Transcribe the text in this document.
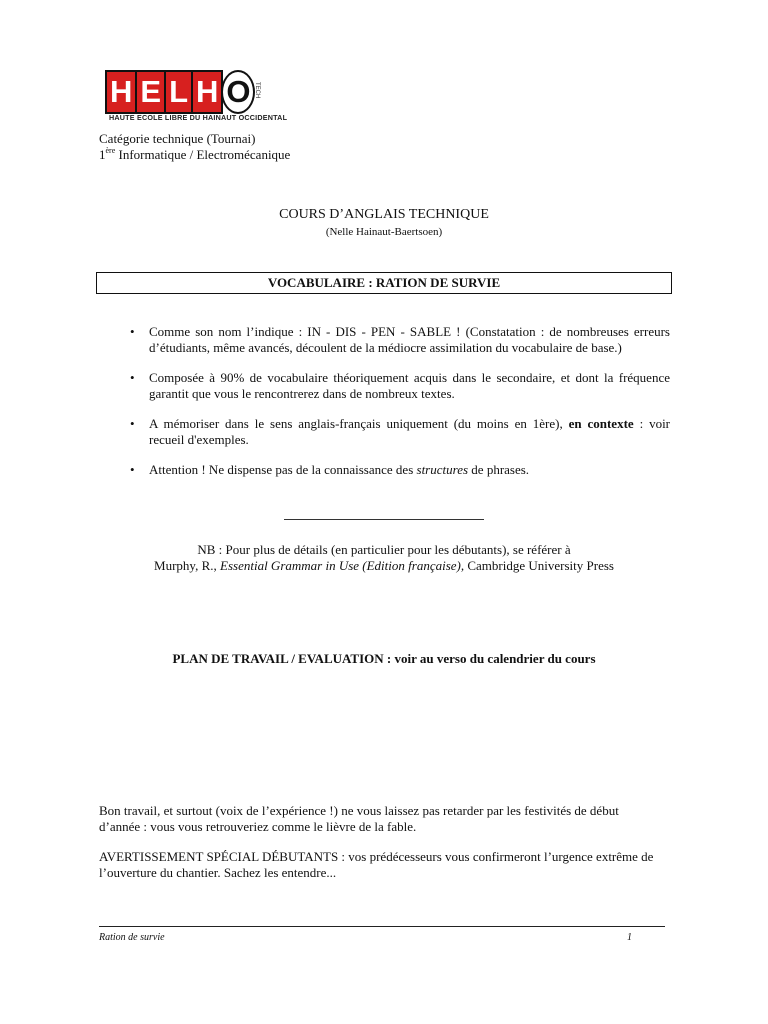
H E L H O TECH
HAUTE ECOLE LIBRE DU HAINAUT OCCIDENTAL
Catégorie technique (Tournai)
1ère Informatique / Electromécanique
COURS D’ANGLAIS TECHNIQUE
(Nelle Hainaut-Baertsoen)
VOCABULAIRE : RATION DE SURVIE
• Comme son nom l’indique : IN - DIS - PEN - SABLE ! (Constatation : de nombreuses erreurs d’étudiants, même avancés, découlent de la médiocre assimilation du vocabulaire de base.)
• Composée à 90% de vocabulaire théoriquement acquis dans le secondaire, et dont la fréquence garantit que vous le rencontrerez dans de nombreux textes.
• A mémoriser dans le sens anglais-français uniquement (du moins en 1ère), en contexte : voir recueil d'exemples.
• Attention ! Ne dispense pas de la connaissance des structures de phrases.
NB : Pour plus de détails (en particulier pour les débutants), se référer à
Murphy, R., Essential Grammar in Use (Edition française), Cambridge University Press
PLAN DE TRAVAIL / EVALUATION : voir au verso du calendrier du cours
Bon travail, et surtout (voix de l’expérience !) ne vous laissez pas retarder par les festivités de début
d’année : vous vous retrouveriez comme le lièvre de la fable.
AVERTISSEMENT SPÉCIAL DÉBUTANTS : vos prédécesseurs vous confirmeront l’urgence extrême de
l’ouverture du chantier. Sachez les entendre...
Ration de survie	1
